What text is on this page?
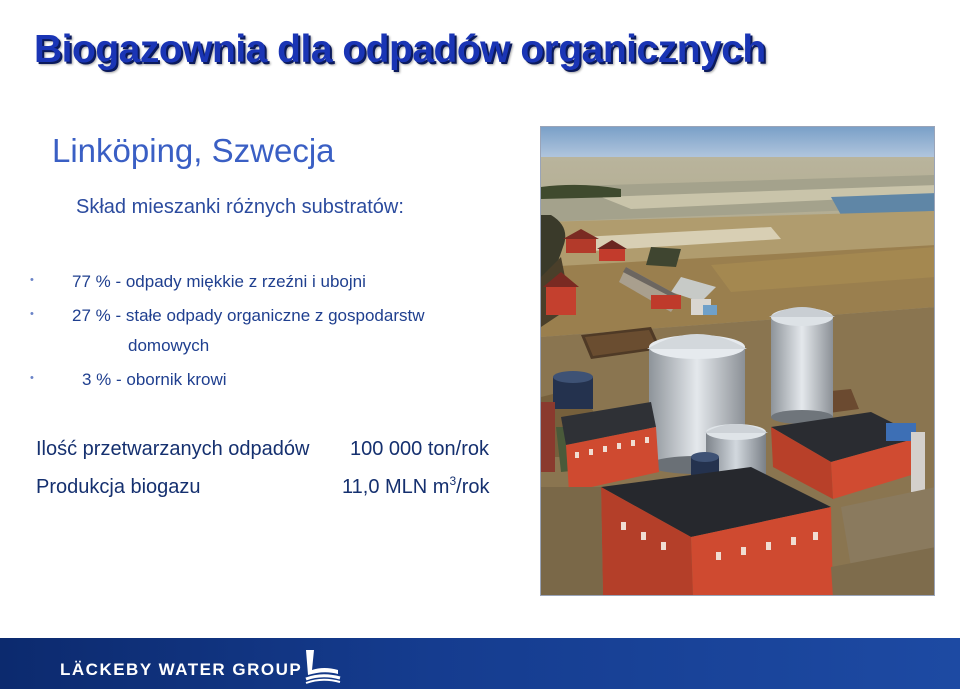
Biogazownia dla odpadów organicznych
Linköping, Szwecja
Skład mieszanki różnych substratów:
• 77 % - odpady miękkie z rzeźni i ubojni
• 27 % - stałe odpady organiczne z gospodarstw
domowych
•	3 % - obornik krowi
Ilość przetwarzanych odpadów 100 000 ton/rok
Produkcja biogazu	11,0 MLN $m^3$/rok
LÄCKEBY WATER GROUP
